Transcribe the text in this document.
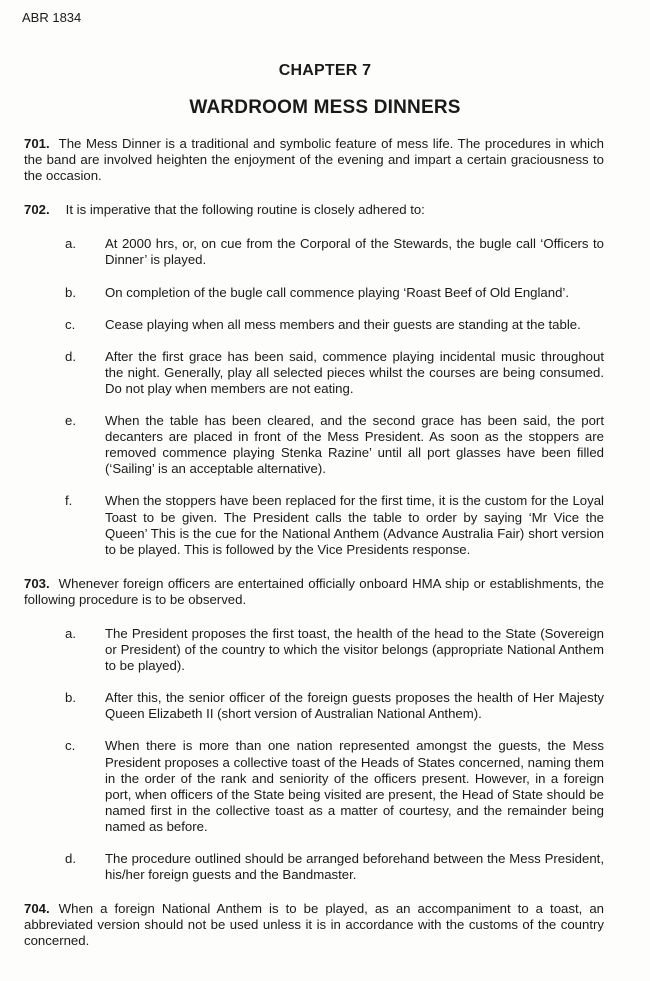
ABR 1834
CHAPTER 7
WARDROOM MESS DINNERS

701. The Mess Dinner is a traditional and symbolic feature of mess life. The procedures in which the band are involved heighten the enjoyment of the evening and impart a certain graciousness to the occasion.

702. It is imperative that the following routine is closely adhered to:

a.	At 2000 hrs, or, on cue from the Corporal of the Stewards, the bugle call ‘Officers to Dinner’ is played.
b.	On completion of the bugle call commence playing ‘Roast Beef of Old England’.
c.	Cease playing when all mess members and their guests are standing at the table.
d.	After the first grace has been said, commence playing incidental music throughout the night. Generally, play all selected pieces whilst the courses are being consumed. Do not play when members are not eating.
e.	When the table has been cleared, and the second grace has been said, the port decanters are placed in front of the Mess President. As soon as the stoppers are removed commence playing Stenka Razine’ until all port glasses have been filled (‘Sailing’ is an acceptable alternative).
f.	When the stoppers have been replaced for the first time, it is the custom for the Loyal Toast to be given. The President calls the table to order by saying ‘Mr Vice the Queen’ This is the cue for the National Anthem (Advance Australia Fair) short version to be played. This is followed by the Vice Presidents response.

703. Whenever foreign officers are entertained officially onboard HMA ship or establishments, the following procedure is to be observed.

a.	The President proposes the first toast, the health of the head to the State (Sovereign or President) of the country to which the visitor belongs (appropriate National Anthem to be played).
b.	After this, the senior officer of the foreign guests proposes the health of Her Majesty Queen Elizabeth II (short version of Australian National Anthem).
c.	When there is more than one nation represented amongst the guests, the Mess President proposes a collective toast of the Heads of States concerned, naming them in the order of the rank and seniority of the officers present. However, in a foreign port, when officers of the State being visited are present, the Head of State should be named first in the collective toast as a matter of courtesy, and the remainder being named as before.
d.	The procedure outlined should be arranged beforehand between the Mess President, his/her foreign guests and the Bandmaster.

704. When a foreign National Anthem is to be played, as an accompaniment to a toast, an abbreviated version should not be used unless it is in accordance with the customs of the country concerned.
